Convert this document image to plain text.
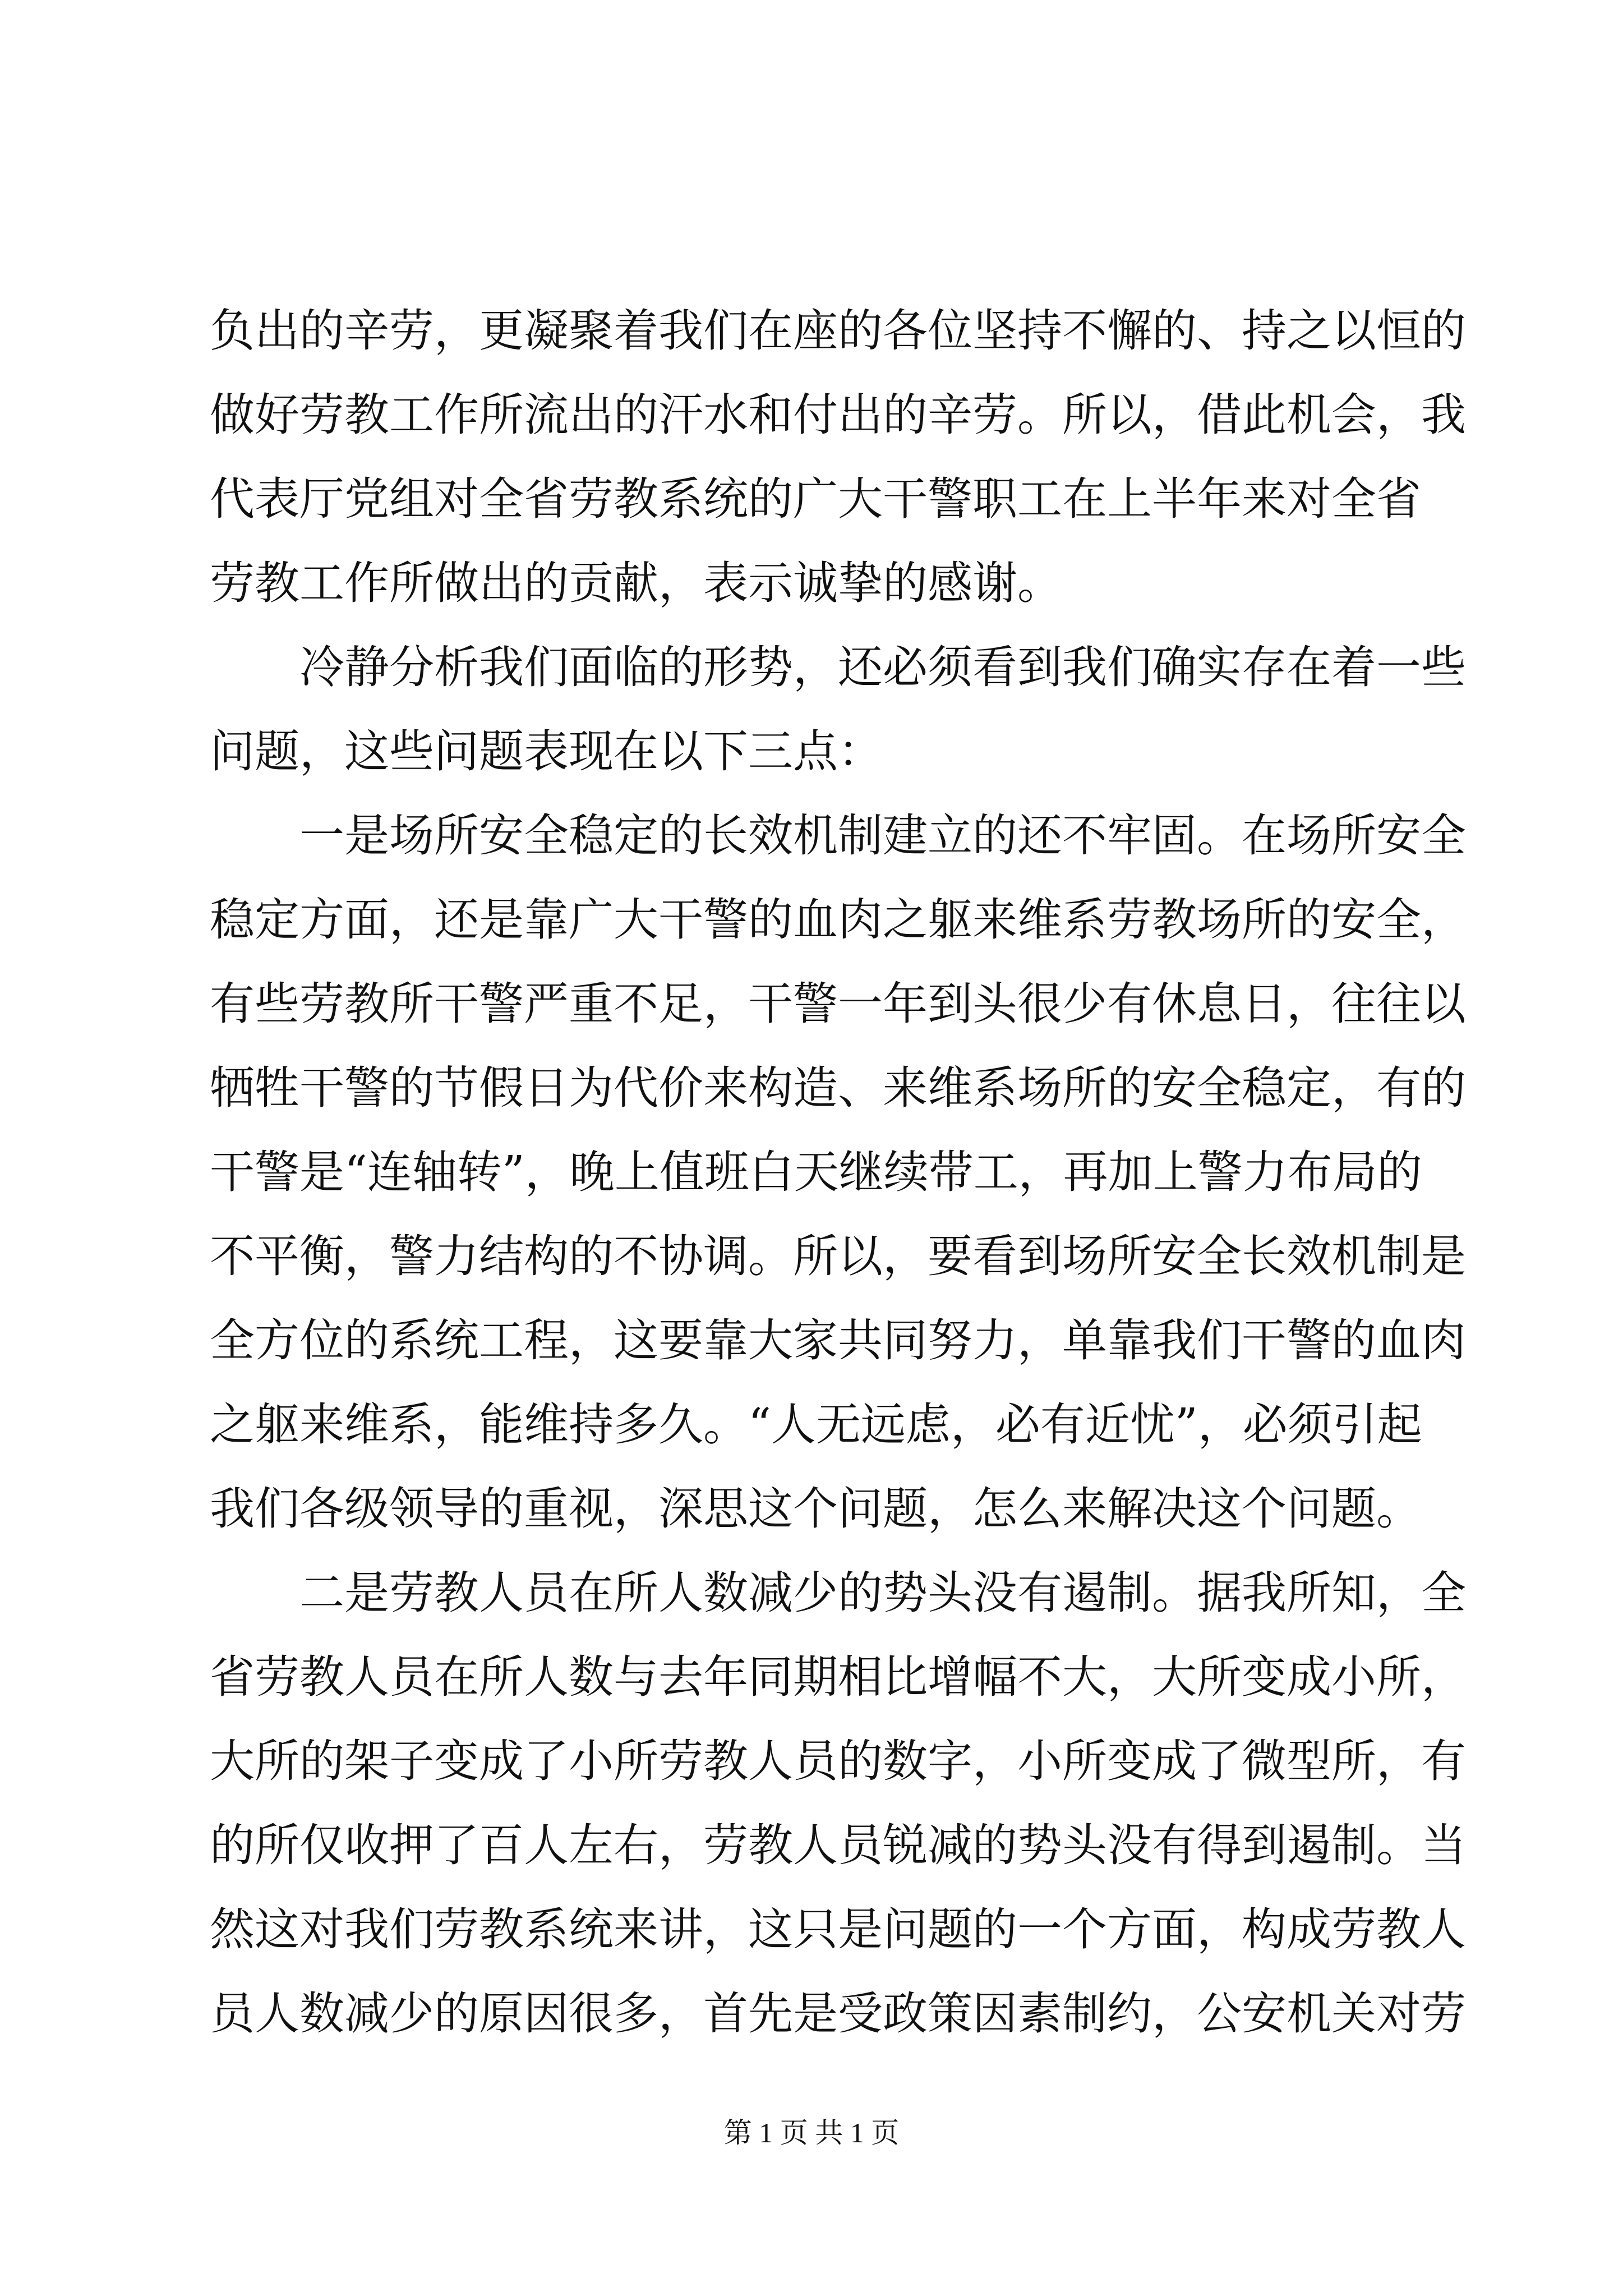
负出的辛劳，更凝聚着我们在座的各位坚持不懈的、持之以恒的
做好劳教工作所流出的汗水和付出的辛劳。所以，借此机会，我
代表厅党组对全省劳教系统的广大干警职工在上半年来对全省
劳教工作所做出的贡献，表示诚挚的感谢。
冷静分析我们面临的形势，还必须看到我们确实存在着一些
问题，这些问题表现在以下三点：
一是场所安全稳定的长效机制建立的还不牢固。在场所安全
稳定方面，还是靠广大干警的血肉之躯来维系劳教场所的安全，
有些劳教所干警严重不足，干警一年到头很少有休息日，往往以
牺牲干警的节假日为代价来构造、来维系场所的安全稳定，有的
干警是“连轴转”，晚上值班白天继续带工，再加上警力布局的
不平衡，警力结构的不协调。所以，要看到场所安全长效机制是
全方位的系统工程，这要靠大家共同努力，单靠我们干警的血肉
之躯来维系，能维持多久。“人无远虑，必有近忧”，必须引起
我们各级领导的重视，深思这个问题，怎么来解决这个问题。
二是劳教人员在所人数减少的势头没有遏制。据我所知，全
省劳教人员在所人数与去年同期相比增幅不大，大所变成小所，
大所的架子变成了小所劳教人员的数字，小所变成了微型所，有
的所仅收押了百人左右，劳教人员锐减的势头没有得到遏制。当
然这对我们劳教系统来讲，这只是问题的一个方面，构成劳教人
员人数减少的原因很多，首先是受政策因素制约，公安机关对劳
第 1 页 共 1 页
